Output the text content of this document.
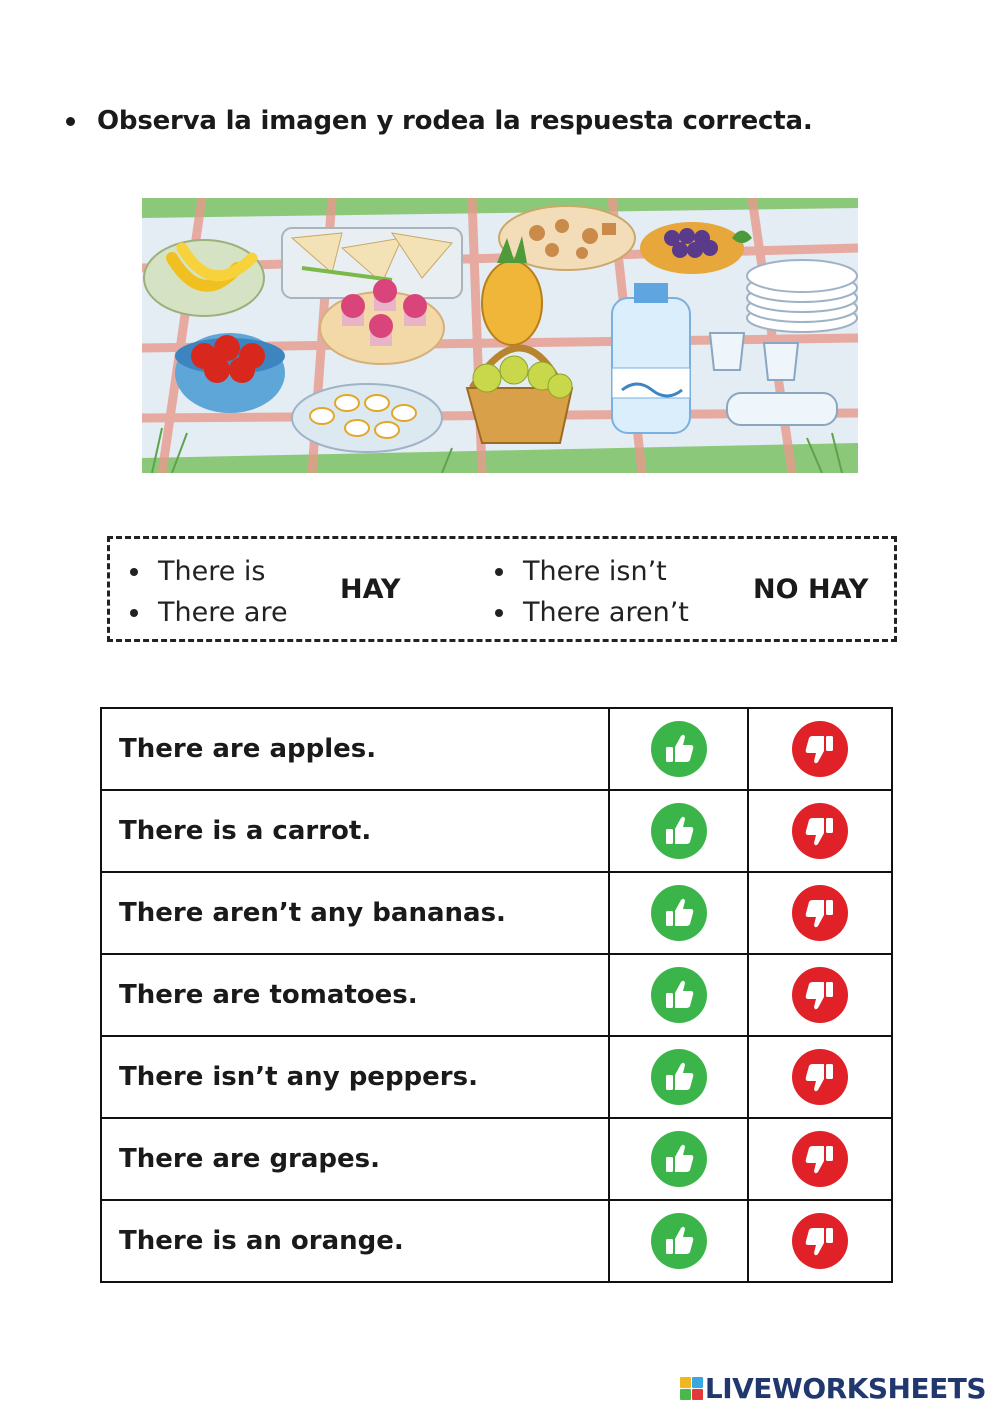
Observa la imagen y rodea la respuesta correcta.
There is
There are
HAY
There isn’t
There aren’t
NO HAY
There are apples.	

There is a carrot.	

There aren’t any bananas.	

There are tomatoes.	

There isn’t any peppers.	

There are grapes.	

There is an orange.	

LIVEWORKSHEETS
